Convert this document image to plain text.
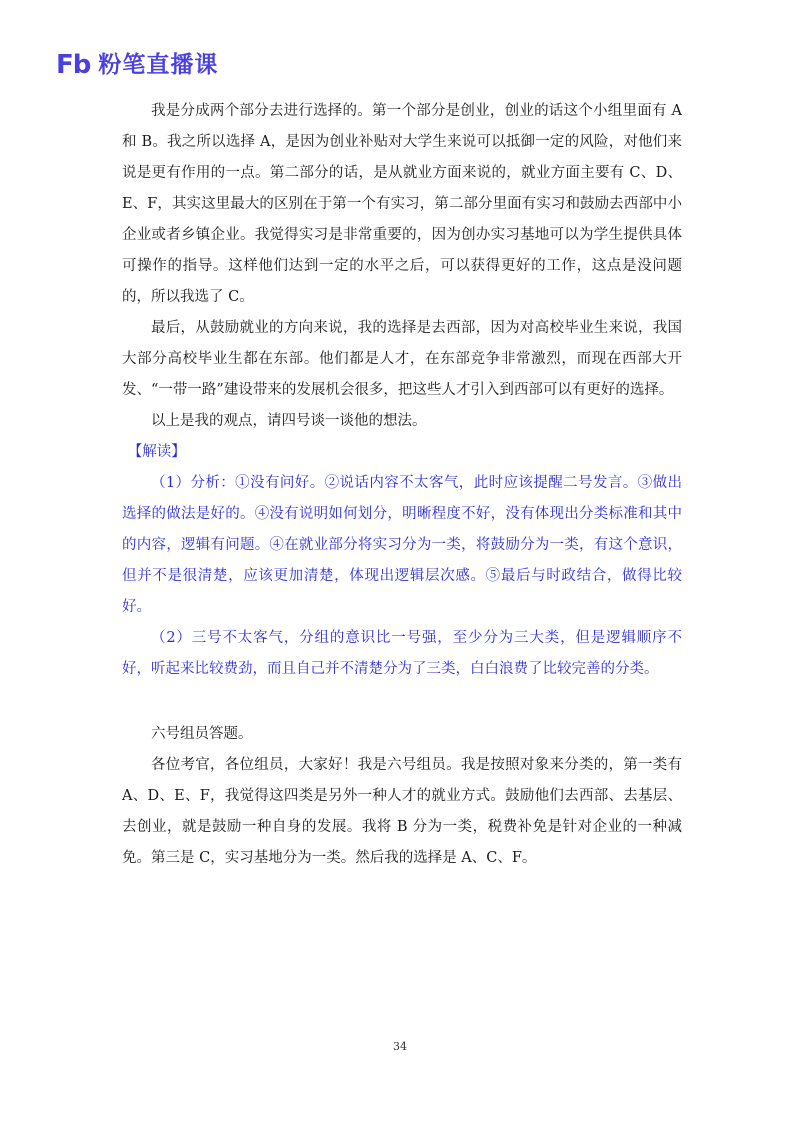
Fb 粉笔直播课

我是分成两个部分去进行选择的。第一个部分是创业，创业的话这个小组里面有 A 和 B。我之所以选择 A，是因为创业补贴对大学生来说可以抵御一定的风险，对他们来说是更有作用的一点。第二部分的话，是从就业方面来说的，就业方面主要有 C、D、E、F，其实这里最大的区别在于第一个有实习，第二部分里面有实习和鼓励去西部中小企业或者乡镇企业。我觉得实习是非常重要的，因为创办实习基地可以为学生提供具体可操作的指导。这样他们达到一定的水平之后，可以获得更好的工作，这点是没问题的，所以我选了 C。

最后，从鼓励就业的方向来说，我的选择是去西部，因为对高校毕业生来说，我国大部分高校毕业生都在东部。他们都是人才，在东部竞争非常激烈，而现在西部大开发、“一带一路”建设带来的发展机会很多，把这些人才引入到西部可以有更好的选择。

以上是我的观点，请四号谈一谈他的想法。

【解读】

（1）分析：①没有问好。②说话内容不太客气，此时应该提醒二号发言。③做出选择的做法是好的。④没有说明如何划分，明晰程度不好，没有体现出分类标准和其中的内容，逻辑有问题。④在就业部分将实习分为一类，将鼓励分为一类，有这个意识，但并不是很清楚，应该更加清楚，体现出逻辑层次感。⑤最后与时政结合，做得比较好。

（2）三号不太客气，分组的意识比一号强，至少分为三大类，但是逻辑顺序不好，听起来比较费劲，而且自己并不清楚分为了三类，白白浪费了比较完善的分类。

六号组员答题。

各位考官，各位组员，大家好！我是六号组员。我是按照对象来分类的，第一类有 A、D、E、F，我觉得这四类是另外一种人才的就业方式。鼓励他们去西部、去基层、去创业，就是鼓励一种自身的发展。我将 B 分为一类，税费补免是针对企业的一种减免。第三是 C，实习基地分为一类。然后我的选择是 A、C、F。

34
